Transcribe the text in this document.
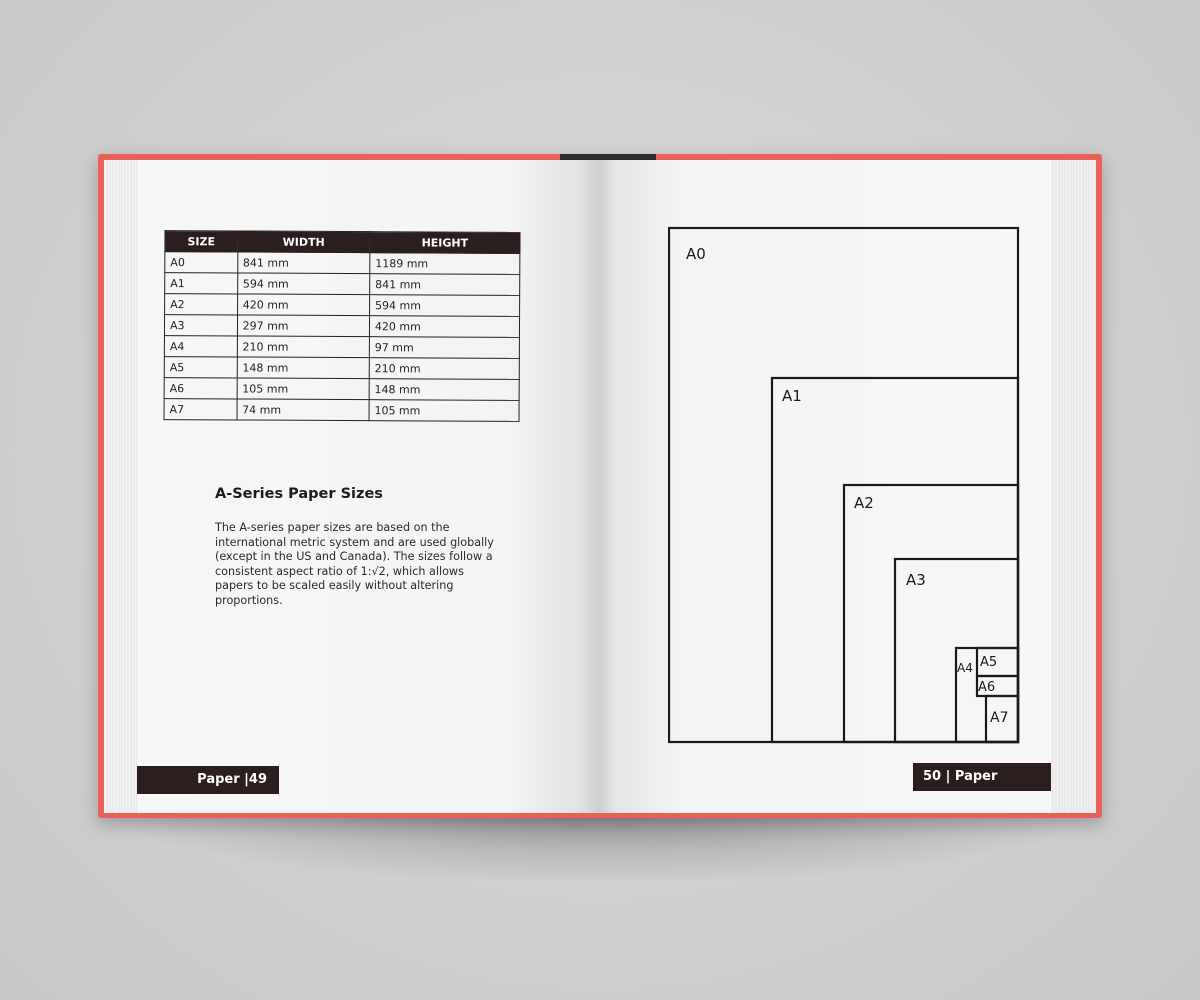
SIZE	WIDTH	HEIGHT
A0	841 mm	1189 mm
A1	594 mm	841 mm
A2	420 mm	594 mm
A3	297 mm	420 mm
A4	210 mm	97 mm
A5	148 mm	210 mm
A6	105 mm	148 mm
A7	74 mm	105 mm
A-Series Paper Sizes
The A-series paper sizes are based on the international metric system and are used globally (except in the US and Canada). The sizes follow a consistent aspect ratio of 1:√2, which allows papers to be scaled easily without altering proportions.
Paper |49	50 | Paper
A0
A1
A2
A3
A4 A5
A6
A7
